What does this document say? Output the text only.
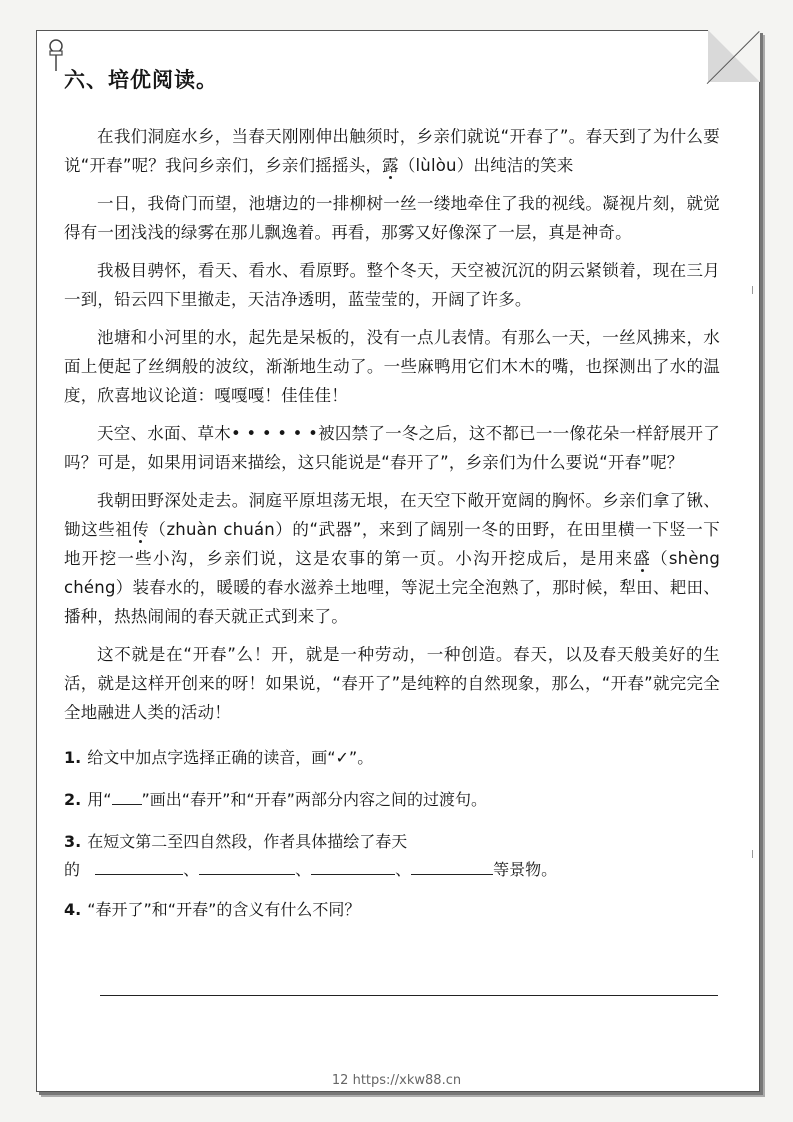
六、培优阅读。

在我们洞庭水乡，当春天刚刚伸出触须时，乡亲们就说“开春了”。春天到了为什么要说“开春”呢？我问乡亲们，乡亲们摇摇头，露（lùlòu）出纯洁的笑来

一日，我倚门而望，池塘边的一排柳树一丝一缕地牵住了我的视线。凝视片刻，就觉得有一团浅浅的绿雾在那儿飘逸着。再看，那雾又好像深了一层，真是神奇。

我极目骋怀，看天、看水、看原野。整个冬天，天空被沉沉的阴云紧锁着，现在三月一到，铅云四下里撤走，天洁净透明，蓝莹莹的，开阔了许多。

池塘和小河里的水，起先是呆板的，没有一点儿表情。有那么一天，一丝风拂来，水面上便起了丝绸般的波纹，渐渐地生动了。一些麻鸭用它们木木的嘴，也探测出了水的温度，欣喜地议论道：嘎嘎嘎！佳佳佳！

天空、水面、草木• • • • • •被囚禁了一冬之后，这不都已一一像花朵一样舒展开了吗？可是，如果用词语来描绘，这只能说是“春开了”，乡亲们为什么要说“开春”呢？

我朝田野深处走去。洞庭平原坦荡无垠，在天空下敞开宽阔的胸怀。乡亲们拿了锹、锄这些祖传（zhuàn chuán）的“武器”，来到了阔别一冬的田野，在田里横一下竖一下地开挖一些小沟，乡亲们说，这是农事的第一页。小沟开挖成后，是用来盛（shèng chéng）装春水的，暖暖的春水滋养土地哩，等泥土完全泡熟了，那时候，犁田、耙田、播种，热热闹闹的春天就正式到来了。

这不就是在“开春”么！开，就是一种劳动，一种创造。春天，以及春天般美好的生活，就是这样开创来的呀！如果说，“春开了”是纯粹的自然现象，那么，“开春”就完完全全地融进人类的活动！

1. 给文中加点字选择正确的读音，画“✓”。
2. 用“ ”画出“春开”和“开春”两部分内容之间的过渡句。
3. 在短文第二至四自然段，作者具体描绘了春天
的	、	、	、	等景物。
4. “春开了”和“开春”的含义有什么不同？
12 https://xkw88.cn
